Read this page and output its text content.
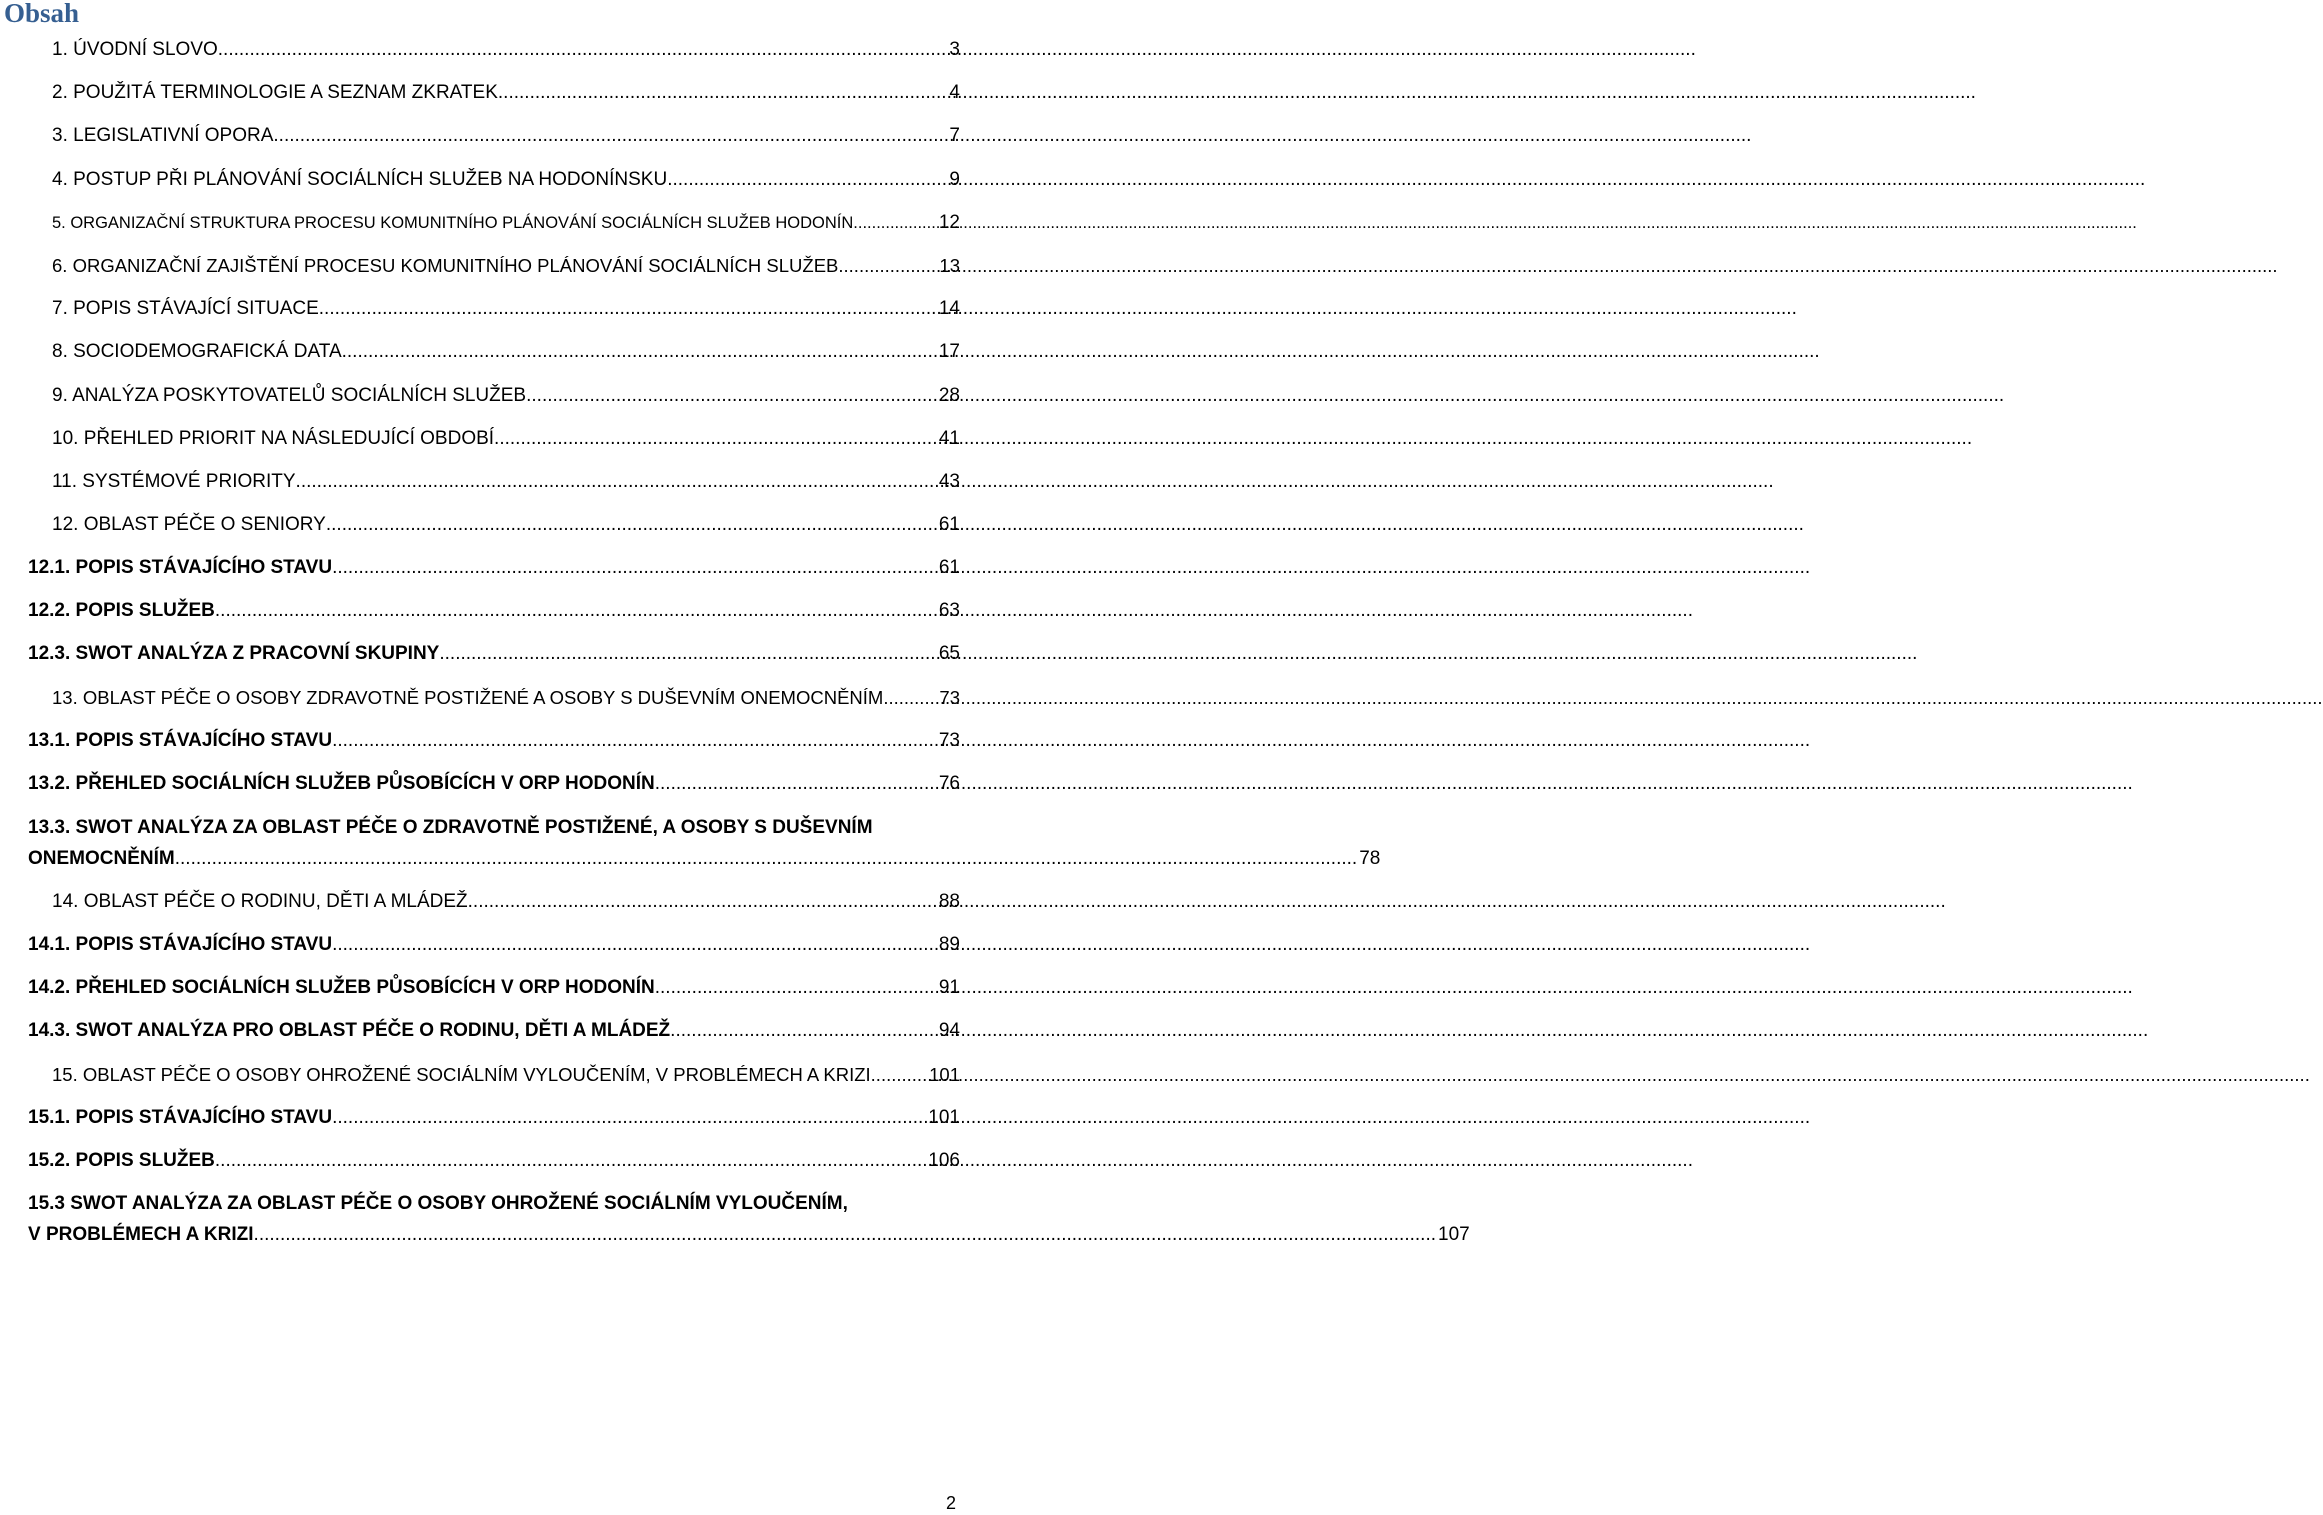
Obsah
1. ÚVODNÍ SLOVO .....	3
2. POUŽITÁ TERMINOLOGIE A SEZNAM ZKRATEK .....	4
3. LEGISLATIVNÍ OPORA .....	7
4. POSTUP PŘI PLÁNOVÁNÍ SOCIÁLNÍCH SLUŽEB NA HODONÍNSKU .....	9
5. ORGANIZAČNÍ STRUKTURA PROCESU KOMUNITNÍHO PLÁNOVÁNÍ SOCIÁLNÍCH SLUŽEB HODONÍN .....	12
6. ORGANIZAČNÍ ZAJIŠTĚNÍ PROCESU KOMUNITNÍHO PLÁNOVÁNÍ SOCIÁLNÍCH SLUŽEB .....	13
7. POPIS STÁVAJÍCÍ SITUACE .....	14
8. SOCIODEMOGRAFICKÁ DATA .....	17
9. ANALÝZA POSKYTOVATELŮ SOCIÁLNÍCH SLUŽEB .....	28
10. PŘEHLED PRIORIT NA NÁSLEDUJÍCÍ OBDOBÍ .....	41
11. SYSTÉMOVÉ PRIORITY .....	43
12. OBLAST PÉČE O SENIORY .....	61
12.1. POPIS STÁVAJÍCÍHO STAVU .....	61
12.2. POPIS SLUŽEB .....	63
12.3. SWOT ANALÝZA Z PRACOVNÍ SKUPINY .....	65
13. OBLAST PÉČE O OSOBY ZDRAVOTNĚ POSTIŽENÉ A OSOBY S DUŠEVNÍM ONEMOCNĚNÍM .....	73
13.1. POPIS STÁVAJÍCÍHO STAVU .....	73
13.2. PŘEHLED SOCIÁLNÍCH SLUŽEB PŮSOBÍCÍCH V ORP HODONÍN .....	76
13.3. SWOT ANALÝZA ZA OBLAST PÉČE O ZDRAVOTNĚ POSTIŽENÉ, A OSOBY S DUŠEVNÍM
ONEMOCNĚNÍM ................................................................................................................................................................................................................................ 78
14. OBLAST PÉČE O RODINU, DĚTI A MLÁDEŽ .....	88
14.1. POPIS STÁVAJÍCÍHO STAVU .....	89
14.2. PŘEHLED SOCIÁLNÍCH SLUŽEB PŮSOBÍCÍCH V ORP HODONÍN .....	91
14.3. SWOT ANALÝZA PRO OBLAST PÉČE O RODINU, DĚTI A MLÁDEŽ .....	94
15. OBLAST PÉČE O OSOBY OHROŽENÉ SOCIÁLNÍM VYLOUČENÍM, V PROBLÉMECH A KRIZI .....	101
15.1. POPIS STÁVAJÍCÍHO STAVU .....	101
15.2. POPIS SLUŽEB .....	106
15.3 SWOT ANALÝZA ZA OBLAST PÉČE O OSOBY OHROŽENÉ SOCIÁLNÍM VYLOUČENÍM,
V PROBLÉMECH A KRIZI ................................................................................................................................................................................................................................ 107

2
